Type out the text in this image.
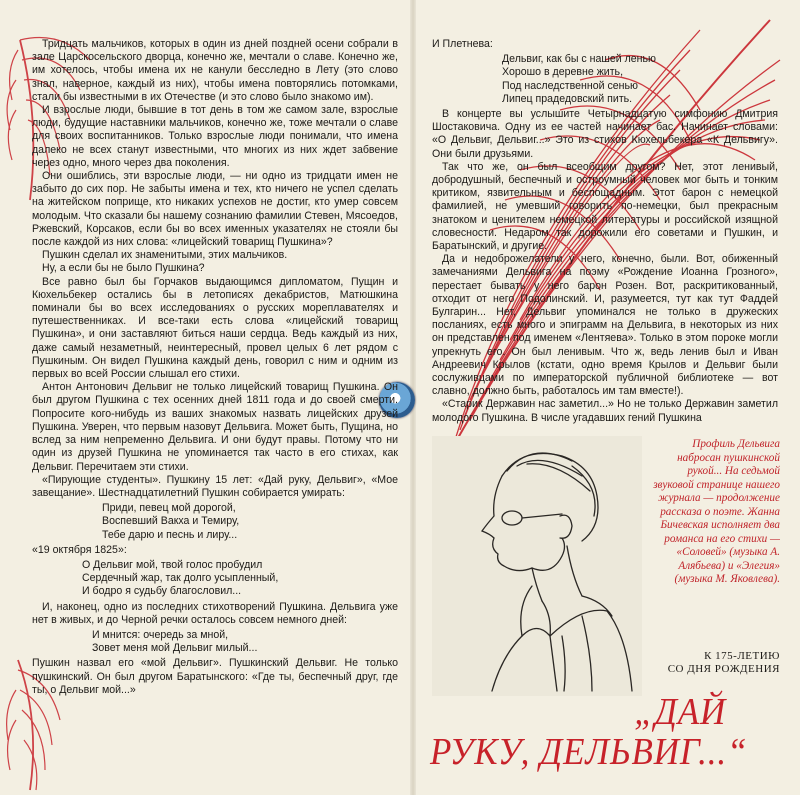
Тридцать мальчиков, которых в один из дней поздней осени собрали в зале Царскосельского дворца, конечно же, мечтали о славе. Конечно же, им хотелось, чтобы имена их не канули бесследно в Лету (это слово знал, наверное, каждый из них), чтобы имена повторялись потомками, стали бы известными в их Отечестве (и это слово было знакомо им).

И взрослые люди, бывшие в тот день в том же самом зале, взрослые люди, будущие наставники мальчиков, конечно же, тоже мечтали о славе для своих воспитанников. Только взрослые люди понимали, что имена далеко не всех станут известными, что многих из них ждет забвение через одно, много через два поколения.

Они ошиблись, эти взрослые люди, — ни одно из тридцати имен не забыто до сих пор. Не забыты имена и тех, кто ничего не успел сделать на житейском поприще, кто никаких успехов не достиг, кто умер совсем молодым. Что сказали бы нашему сознанию фамилии Стевен, Мясоедов, Ржевский, Корсаков, если бы во всех именных указателях не стояли бы после каждой из них слова: «лицейский товарищ Пушкина»?

Пушкин сделал их знаменитыми, этих мальчиков.

Ну, а если бы не было Пушкина?

Все равно был бы Горчаков выдающимся дипломатом, Пущин и Кюхельбекер остались бы в летописях декабристов, Матюшкина поминали бы во всех исследованиях о русских мореплавателях и путешественниках. И все-таки есть слова «лицейский товарищ Пушкина», и они заставляют биться наши сердца. Ведь каждый из них, даже самый незаметный, неинтересный, провел целых 6 лет рядом с Пушкиным. Он видел Пушкина каждый день, говорил с ним и одним из первых во всей России слышал его стихи.

Антон Антонович Дельвиг не только лицейский товарищ Пушкина. Он был другом Пушкина с тех осенних дней 1811 года и до своей смерти. Попросите кого-нибудь из ваших знакомых назвать лицейских друзей Пушкина. Уверен, что первым назовут Дельвига. Может быть, Пущина, но вслед за ним непременно Дельвига. И они будут правы. Потому что ни один из друзей Пушкина не упоминается так часто в его стихах, как Дельвиг. Перечитаем эти стихи.

«Пирующие студенты». Пушкину 15 лет: «Дай руку, Дельвиг», «Мое завещание». Шестнадцатилетний Пушкин собирается умирать:

Приди, певец мой дорогой,
Воспевший Вакха и Темиру,
Тебе дарю и песнь и лиру...

«19 октября 1825»:

О Дельвиг мой, твой голос пробудил
Сердечный жар, так долго усыпленный,
И бодро я судьбу благословил...

И, наконец, одно из последних стихотворений Пушкина. Дельвига уже нет в живых, и до Черной речки осталось совсем немного дней:

И мнится: очередь за мной,
Зовет меня мой Дельвиг милый...

Пушкин назвал его «мой Дельвиг». Пушкинский Дельвиг. Не только пушкинский. Он был другом Баратынского: «Где ты, беспечный друг, где ты, о Дельвиг мой...»

И Плетнева:

Дельвиг, как бы с нашей ленью
Хорошо в деревне жить,
Под наследственной сенью
Липец прадедовский пить.

В концерте вы услышите Четырнадцатую симфонию Дмитрия Шостаковича. Одну из ее частей начинает бас. Начинает словами: «О Дельвиг, Дельвиг...» Это из стихов Кюхельбекера «К Дельвигу». Они были друзьями.

Так что же, он был всеобщим другом? Нет, этот ленивый, добродушный, беспечный и остроумный человек мог быть и тонким критиком, язвительным и беспощадным. Этот барон с немецкой фамилией, не умевший говорить по-немецки, был прекрасным знатоком и ценителем немецкой литературы и российской изящной словесности. Недаром так дорожили его советами и Пушкин, и Баратынский, и другие.

Да и недоброжелатели у него, конечно, были. Вот, обиженный замечаниями Дельвига на поэму «Рождение Иоанна Грозного», перестает бывать у него барон Розен. Вот, раскритикованный, отходит от него Подолинский. И, разумеется, тут как тут Фаддей Булгарин... Нет, Дельвиг упоминался не только в дружеских посланиях, есть много и эпиграмм на Дельвига, в некоторых из них он представлен под именем «Лентяева». Только в этом пороке могли упрекнуть его. Он был ленивым. Что ж, ведь ленив был и Иван Андреевич Крылов (кстати, одно время Крылов и Дельвиг были сослуживцами по императорской публичной библиотеке — вот славно, должно быть, работалось им там вместе!).

«Старик Державин нас заметил...» Но не только Державин заметил молодого Пушкина. В числе угадавших гений Пушкина

Профиль Дельвига набросан пушкинской рукой... На седьмой звуковой странице нашего журнала — продолжение рассказа о поэте. Жанна Бичевская исполняет два романса на его стихи — «Соловей» (музыка А. Алябьева) и «Элегия» (музыка М. Яковлева).
К 175-ЛЕТИЮ
СО ДНЯ РОЖДЕНИЯ
„ДАЙ
РУКУ, ДЕЛЬВИГ...“
